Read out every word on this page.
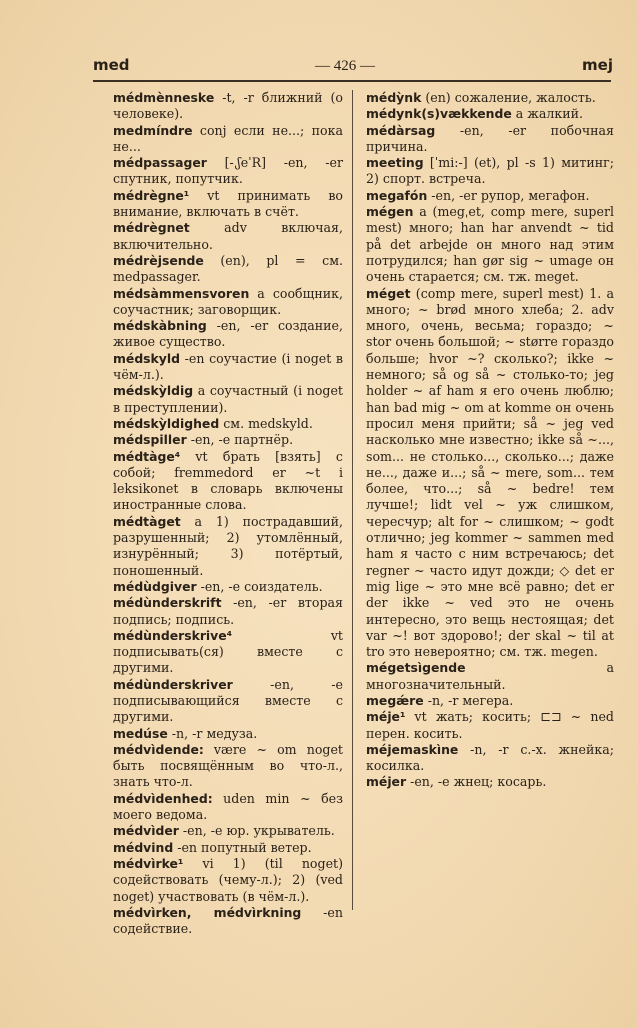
med	— 426 —	mej
médmènneske -t, -r ближний (о человеке).
medmíndre conj если не...; пока не...
médpassager [-ˌʃeˈR] -en, -er спутник, попутчик.
médrègne¹ vt принимать во внимание, включать в счёт.
médrègnet adv включая, включительно.
médrèjsende (en), pl = см. medpassager.
médsàmmensvoren a сообщник, соучастник; заговорщик.
médskàbning -en, -er создание, живое существо.
médskyld -en соучастие (i noget в чём-л.).
médskỳldig a соучастный (i noget в преступлении).
médskỳldighed см. medskyld.
médspiller -en, -e партнёр.
médtàge⁴ vt брать [взять] с собой; fremmedord er ~t i leksikonet в словарь включены иностранные слова.
médtàget a 1) пострадавший, разрушенный; 2) утомлённый, изнурённый; 3) потёртый, поношенный.
médùdgiver -en, -e соиздатель.
médùnderskrift -en, -er вторая подпись; подпись.
médùnderskrive⁴ vt подписывать(ся) вместе с другими.
médùnderskriver -en, -e подписывающийся вместе с другими.
medúse -n, -r медуза.
médvìdende: være ~ om noget быть посвящённым во что-л., знать что-л.
médvìdenhed: uden min ~ без моего ведома.
médvìder -en, -e юр. укрыватель.
médvind -en попутный ветер.
médvìrke¹ vi 1) (til noget) содействовать (чему-л.); 2) (ved noget) участвовать (в чём-л.).
médvìrken, médvìrkning -en содействие.
médỳnk (en) сожаление, жалость.
médynk(s)vækkende a жалкий.
médàrsag -en, -er побочная причина.
meeting [ˈmi:-] (et), pl -s 1) митинг; 2) спорт. встреча.
megafón -en, -er рупор, мегафон.
mégen a (megˌet, comp mere, superl mest) много; han har anvendt ~ tid på det arbejde он много над этим потрудился; han gør sig ~ umage он очень старается; см. тж. meget.
méget (comp mere, superl mest) 1. a много; ~ brød много хлеба; 2. adv много, очень, весьма; гораздо; ~ stor очень большой; ~ større гораздо больше; hvor ~? сколько?; ikke ~ немного; så og så ~ столько-то; jeg holder ~ af ham я его очень люблю; han bad mig ~ om at komme он очень просил меня прийти; så ~ jeg ved насколько мне известно; ikke så ~..., som... не столько..., сколько...; даже не..., даже и...; så ~ mere, som... тем более, что...; så ~ bedre! тем лучше!; lidt vel ~ уж слишком, чересчур; alt for ~ слишком; ~ godt отлично; jeg kommer ~ sammen med ham я часто с ним встречаюсь; det regner ~ часто идут дожди; ◇ det er mig lige ~ это мне всё равно; det er der ikke ~ ved это не очень интересно, это вещь нестоящая; det var ~! вот здорово!; der skal ~ til at tro это невероятно; см. тж. megen.
mégetsìgende a многозначительный.
megǽre -n, -r мегера.
méje¹ vt жать; косить; ⊏⊐ ~ ned перен. косить.
méjemaskìne -n, -r с.-х. жнейка; косилка.
méjer -en, -e жнец; косарь.
